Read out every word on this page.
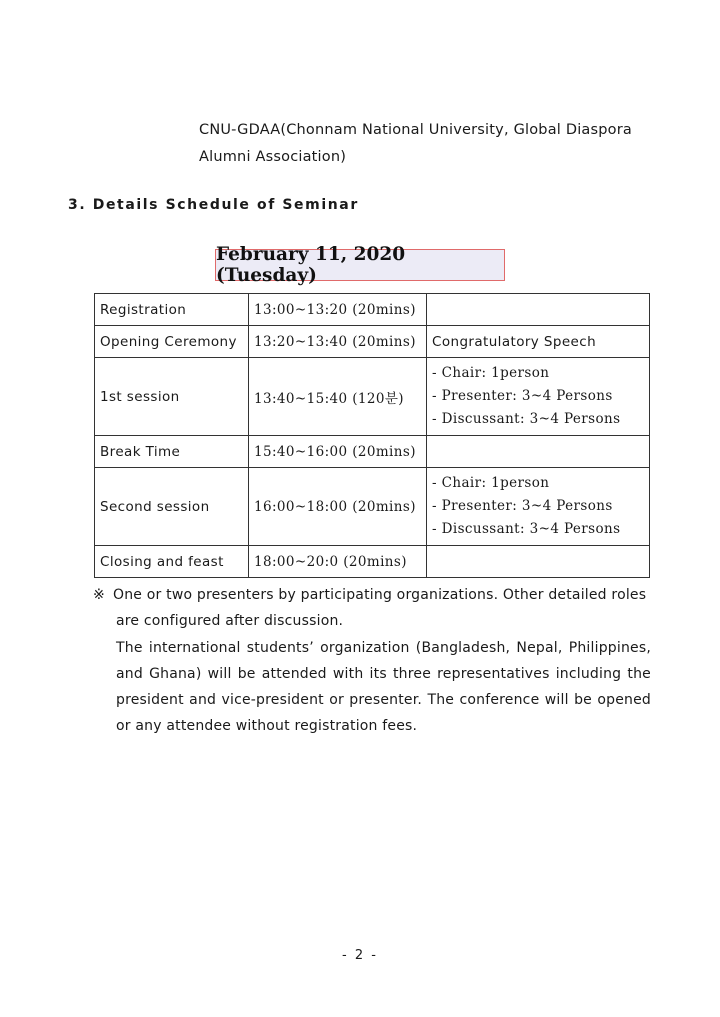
CNU-GDAA(Chonnam National University, Global Diaspora
Alumni Association)
3. Details Schedule of Seminar
February 11, 2020 (Tuesday)
Registration	13:00~13:20 (20mins)	
Opening Ceremony	13:20~13:40 (20mins)	Congratulatory Speech
1st session	13:40~15:40 (120분)	- Chair: 1person
- Presenter: 3~4 Persons
- Discussant: 3~4 Persons

Break Time	15:40~16:00 (20mins)	
Second session	16:00~18:00 (20mins)	- Chair: 1person
- Presenter: 3~4 Persons
- Discussant: 3~4 Persons

Closing and feast	18:00~20:0 (20mins)	
※ One or two presenters by participating organizations. Other detailed roles
are configured after discussion.
The international students’ organization (Bangladesh, Nepal, Philippines, and Ghana) will be attended with its three representatives including the president and vice-president or presenter. The conference will be opened or any attendee without registration fees.
- 2 -
